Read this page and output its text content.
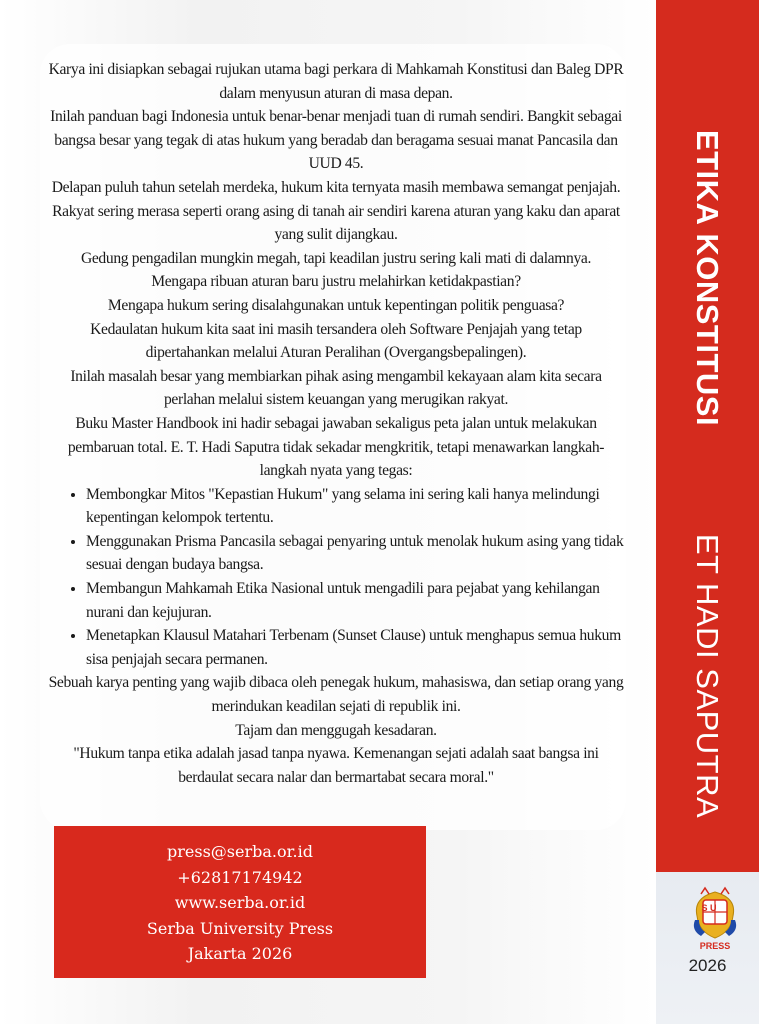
Karya ini disiapkan sebagai rujukan utama bagi perkara di Mahkamah Konstitusi dan Baleg DPR dalam menyusun aturan di masa depan.

Inilah panduan bagi Indonesia untuk benar-benar menjadi tuan di rumah sendiri. Bangkit sebagai bangsa besar yang tegak di atas hukum yang beradab dan beragama sesuai manat Pancasila dan UUD 45.

Delapan puluh tahun setelah merdeka, hukum kita ternyata masih membawa semangat penjajah. Rakyat sering merasa seperti orang asing di tanah air sendiri karena aturan yang kaku dan aparat yang sulit dijangkau.

Gedung pengadilan mungkin megah, tapi keadilan justru sering kali mati di dalamnya.

Mengapa ribuan aturan baru justru melahirkan ketidakpastian?

Mengapa hukum sering disalahgunakan untuk kepentingan politik penguasa?

Kedaulatan hukum kita saat ini masih tersandera oleh Software Penjajah yang tetap dipertahankan melalui Aturan Peralihan (Overgangsbepalingen).

Inilah masalah besar yang membiarkan pihak asing mengambil kekayaan alam kita secara perlahan melalui sistem keuangan yang merugikan rakyat.

Buku Master Handbook ini hadir sebagai jawaban sekaligus peta jalan untuk melakukan pembaruan total. E. T. Hadi Saputra tidak sekadar mengkritik, tetapi menawarkan langkah-langkah nyata yang tegas:

• Membongkar Mitos "Kepastian Hukum" yang selama ini sering kali hanya melindungi kepentingan kelompok tertentu.
• Menggunakan Prisma Pancasila sebagai penyaring untuk menolak hukum asing yang tidak sesuai dengan budaya bangsa.
• Membangun Mahkamah Etika Nasional untuk mengadili para pejabat yang kehilangan nurani dan kejujuran.
• Menetapkan Klausul Matahari Terbenam (Sunset Clause) untuk menghapus semua hukum sisa penjajah secara permanen.

Sebuah karya penting yang wajib dibaca oleh penegak hukum, mahasiswa, dan setiap orang yang merindukan keadilan sejati di republik ini.

Tajam dan menggugah kesadaran.

"Hukum tanpa etika adalah jasad tanpa nyawa. Kemenangan sejati adalah saat bangsa ini berdaulat secara nalar dan bermartabat secara moral."

press@serba.or.id
+62817174942
www.serba.or.id
Serba University Press
Jakarta 2026
ETIKA KONSTITUSI
ET HADI SAPUTRA
S U
PRESS
2026
